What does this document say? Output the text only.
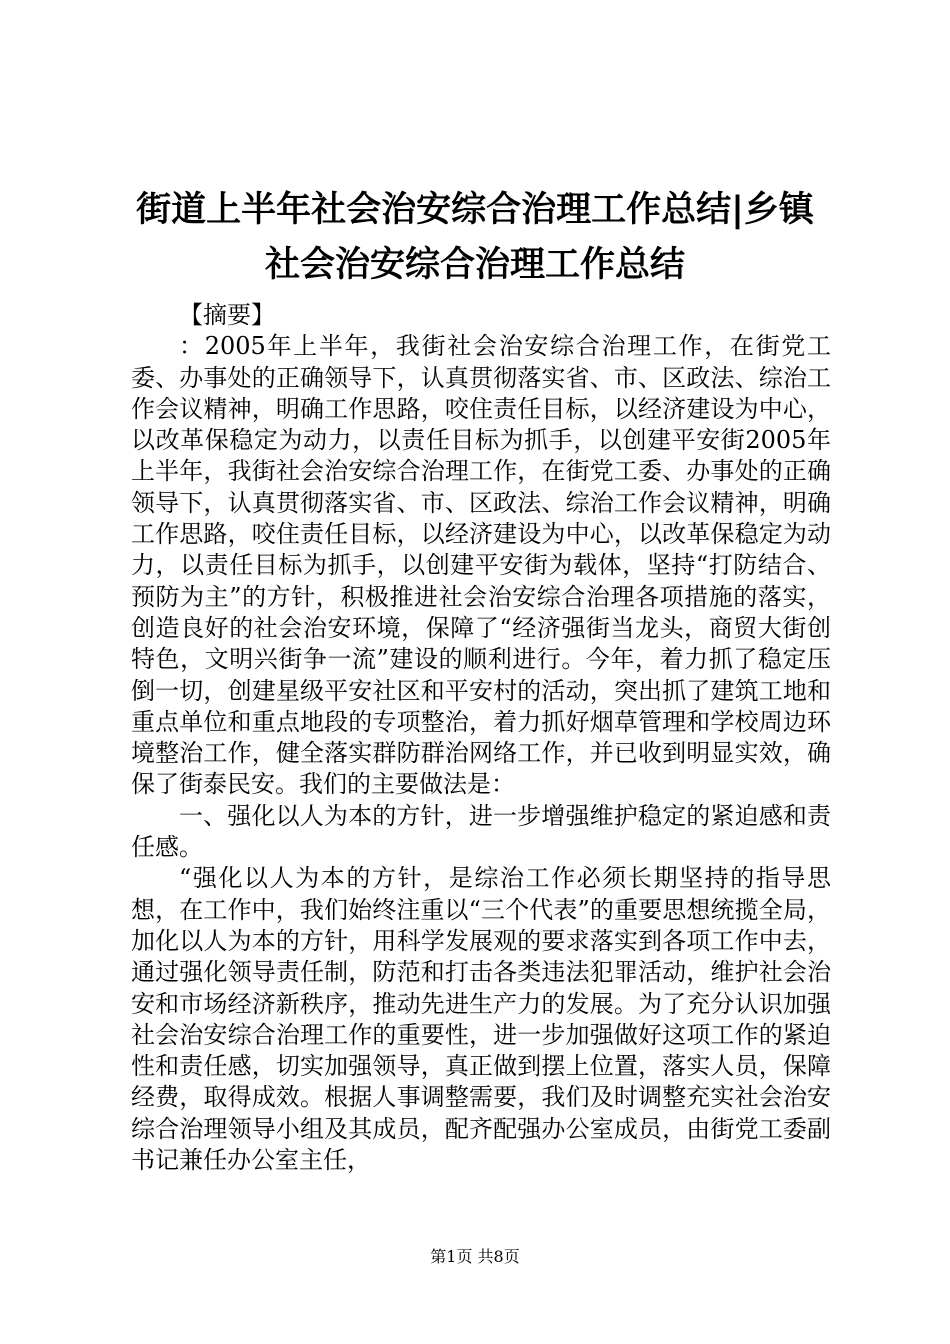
街道上半年社会治安综合治理工作总结|乡镇
社会治安综合治理工作总结

【摘要】

：2005年上半年，我街社会治安综合治理工作，在街党工委、办事处的正确领导下，认真贯彻落实省、市、区政法、综治工作会议精神，明确工作思路，咬住责任目标，以经济建设为中心，以改革保稳定为动力，以责任目标为抓手，以创建平安街2005年上半年，我街社会治安综合治理工作，在街党工委、办事处的正确领导下，认真贯彻落实省、市、区政法、综治工作会议精神，明确工作思路，咬住责任目标，以经济建设为中心，以改革保稳定为动力，以责任目标为抓手，以创建平安街为载体，坚持“打防结合、预防为主”的方针，积极推进社会治安综合治理各项措施的落实，创造良好的社会治安环境，保障了“经济强街当龙头，商贸大街创特色，文明兴街争一流”建设的顺利进行。今年，着力抓了稳定压倒一切，创建星级平安社区和平安村的活动，突出抓了建筑工地和重点单位和重点地段的专项整治，着力抓好烟草管理和学校周边环境整治工作，健全落实群防群治网络工作，并已收到明显实效，确保了街泰民安。我们的主要做法是：

一、强化以人为本的方针，进一步增强维护稳定的紧迫感和责任感。

“强化以人为本的方针，是综治工作必须长期坚持的指导思想，在工作中，我们始终注重以“三个代表”的重要思想统揽全局，加化以人为本的方针，用科学发展观的要求落实到各项工作中去，通过强化领导责任制，防范和打击各类违法犯罪活动，维护社会治安和市场经济新秩序，推动先进生产力的发展。为了充分认识加强社会治安综合治理工作的重要性，进一步加强做好这项工作的紧迫性和责任感，切实加强领导，真正做到摆上位置，落实人员，保障经费，取得成效。根据人事调整需要，我们及时调整充实社会治安综合治理领导小组及其成员，配齐配强办公室成员，由街党工委副书记兼任办公室主任，

第1页 共8页
